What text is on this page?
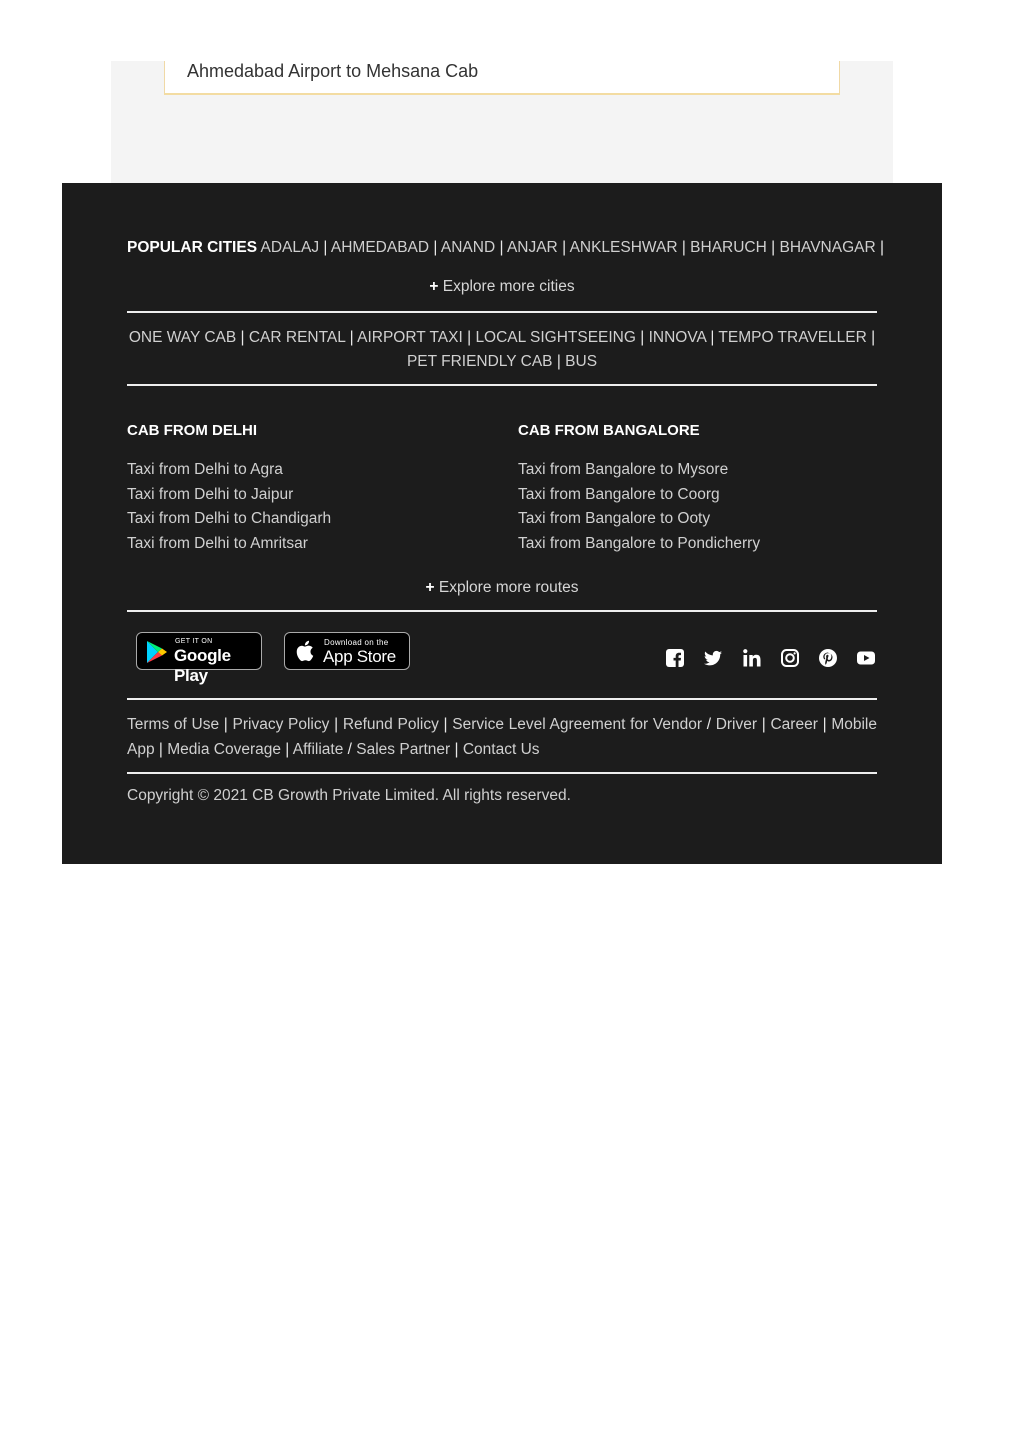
Ahmedabad Airport to Mehsana Cab
POPULAR CITIES ADALAJ | AHMEDABAD | ANAND | ANJAR | ANKLESHWAR | BHARUCH | BHAVNAGAR |
+ Explore more cities
ONE WAY CAB | CAR RENTAL | AIRPORT TAXI | LOCAL SIGHTSEEING | INNOVA | TEMPO TRAVELLER |
PET FRIENDLY CAB | BUS
CAB FROM DELHI
Taxi from Delhi to Agra
Taxi from Delhi to Jaipur
Taxi from Delhi to Chandigarh
Taxi from Delhi to Amritsar
CAB FROM BANGALORE
Taxi from Bangalore to Mysore
Taxi from Bangalore to Coorg
Taxi from Bangalore to Ooty
Taxi from Bangalore to Pondicherry
+ Explore more routes
GET IT ON
Google Play
Download on the
App Store
Terms of Use | Privacy Policy | Refund Policy | Service Level Agreement for Vendor / Driver | Career | Mobile App | Media Coverage | Affiliate / Sales Partner | Contact Us
Copyright © 2021 CB Growth Private Limited. All rights reserved.
